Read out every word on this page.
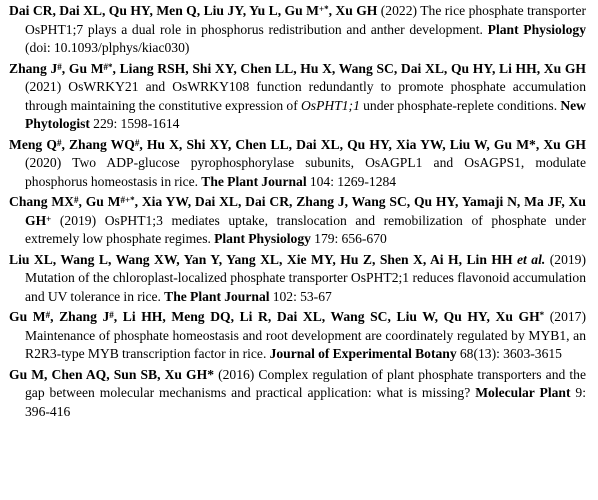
Dai CR, Dai XL, Qu HY, Men Q, Liu JY, Yu L, Gu M+*, Xu GH (2022) The rice phosphate transporter OsPHT1;7 plays a dual role in phosphorus redistribution and anther development. Plant Physiology (doi: 10.1093/plphys/kiac030)

Zhang J#, Gu M#*, Liang RSH, Shi XY, Chen LL, Hu X, Wang SC, Dai XL, Qu HY, Li HH, Xu GH (2021) OsWRKY21 and OsWRKY108 function redundantly to promote phosphate accumulation through maintaining the constitutive expression of OsPHT1;1 under phosphate-replete conditions. New Phytologist 229: 1598-1614

Meng Q#, Zhang WQ#, Hu X, Shi XY, Chen LL, Dai XL, Qu HY, Xia YW, Liu W, Gu M*, Xu GH (2020) Two ADP-glucose pyrophosphorylase subunits, OsAGPL1 and OsAGPS1, modulate phosphorus homeostasis in rice. The Plant Journal 104: 1269-1284

Chang MX#, Gu M#+*, Xia YW, Dai XL, Dai CR, Zhang J, Wang SC, Qu HY, Yamaji N, Ma JF, Xu GH+ (2019) OsPHT1;3 mediates uptake, translocation and remobilization of phosphate under extremely low phosphate regimes. Plant Physiology 179: 656-670

Liu XL, Wang L, Wang XW, Yan Y, Yang XL, Xie MY, Hu Z, Shen X, Ai H, Lin HH et al. (2019) Mutation of the chloroplast-localized phosphate transporter OsPHT2;1 reduces flavonoid accumulation and UV tolerance in rice. The Plant Journal 102: 53-67

Gu M#, Zhang J#, Li HH, Meng DQ, Li R, Dai XL, Wang SC, Liu W, Qu HY, Xu GH* (2017) Maintenance of phosphate homeostasis and root development are coordinately regulated by MYB1, an R2R3-type MYB transcription factor in rice. Journal of Experimental Botany 68(13): 3603-3615

Gu M, Chen AQ, Sun SB, Xu GH* (2016) Complex regulation of plant phosphate transporters and the gap between molecular mechanisms and practical application: what is missing? Molecular Plant 9: 396-416
